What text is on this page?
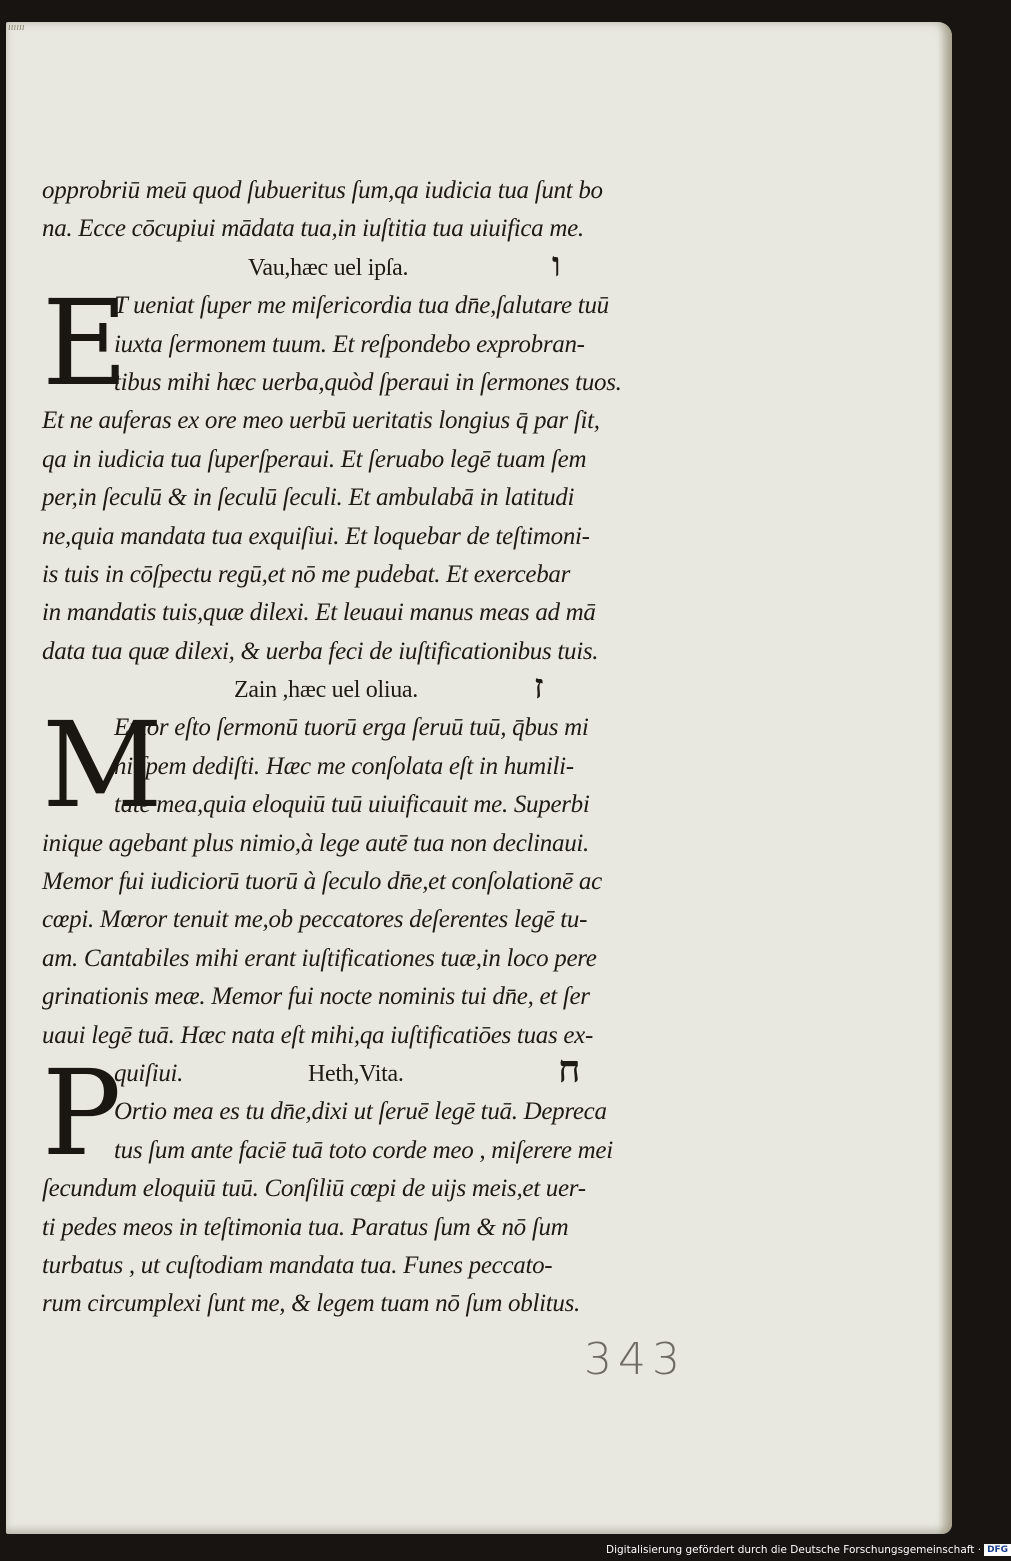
ıııııı
opprobriū meū quod ſubueritus ſum,qa iudicia tua ſunt bo
na. Ecce cōcupiui mādata tua,in iuſtitia tua uiuifica me.
Vau,hæc uel ipſa.	ו
E
T ueniat ſuper me miſericordia tua dn̄e,ſalutare tuū
iuxta ſermonem tuum. Et reſpondebo exprobran-
tibus mihi hæc uerba,quòd ſperaui in ſermones tuos.
Et ne auferas ex ore meo uerbū ueritatis longius q̄ par ſit,
qa in iudicia tua ſuperſperaui. Et ſeruabo legē tuam ſem
per,in ſeculū & in ſeculū ſeculi. Et ambulabā in latitudi
ne,quia mandata tua exquiſiui. Et loquebar de teſtimoni-
is tuis in cōſpectu regū,et nō me pudebat. Et exercebar
in mandatis tuis,quæ dilexi. Et leuaui manus meas ad mā
data tua quæ dilexi, & uerba feci de iuſtificationibus tuis.
Zain ,hæc uel oliua.	ז
M
Emor eſto ſermonū tuorū erga ſeruū tuū, q̄bus mi
hi ſpem dediſti. Hæc me conſolata eſt in humili-
tate mea,quia eloquiū tuū uiuificauit me. Superbi
inique agebant plus nimio,à lege autē tua non declinaui.
Memor fui iudiciorū tuorū à ſeculo dn̄e,et conſolationē ac
cœpi. Mœror tenuit me,ob peccatores deſerentes legē tu-
am. Cantabiles mihi erant iuſtificationes tuæ,in loco pere
grinationis meæ. Memor fui nocte nominis tui dn̄e, et ſer
uaui legē tuā. Hæc nata eſt mihi,qa iuſtificatiōes tuas ex-
quiſiui.	Heth,Vita.	ח
P
Ortio mea es tu dn̄e,dixi ut ſeruē legē tuā. Depreca
tus ſum ante faciē tuā toto corde meo , miſerere mei
ſecundum eloquiū tuū. Conſiliū cœpi de uijs meis,et uer-
ti pedes meos in teſtimonia tua. Paratus ſum & nō ſum
turbatus , ut cuſtodiam mandata tua. Funes peccato-
rum circumplexi ſunt me, & legem tuam nō ſum oblitus.
343
Digitalisierung gefördert durch die Deutsche Forschungsgemeinschaft · DFG
